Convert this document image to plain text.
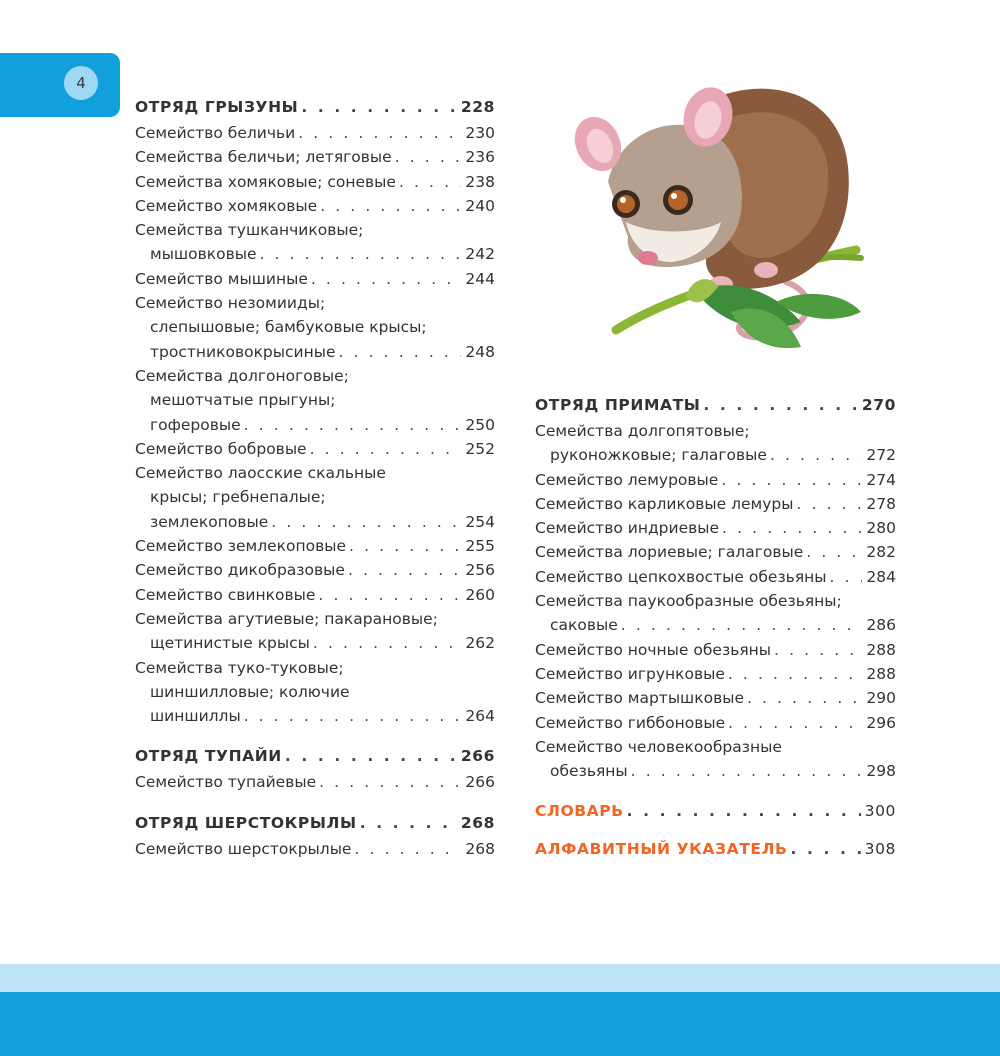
4
ОТРЯД ГРЫЗУНЫ . . .	228
Семейство беличьи . . .	230
Семейства беличьи; летяговые . . .	236
Семейства хомяковые; соневые . . .	238
Семейство хомяковые . . .	240
Семейства тушканчиковые;
мышовковые . . .	242
Семейство мышиные . . .	244
Семейство незомииды;
слепышовые; бамбуковые крысы;
тростниковокрысиные . . .	248
Семейства долгоноговые;
мешотчатые прыгуны;
гоферовые . . .	250
Семейство бобровые . . .	252
Семейство лаосские скальные
крысы; гребнепалые;
землекоповые . . .	254
Семейство землекоповые . . .	255
Семейство дикобразовые . . .	256
Семейство свинковые . . .	260
Семейства агутиевые; пакарановые;
щетинистые крысы . . .	262
Семейства туко-туковые;
шиншилловые; колючие
шиншиллы . . .	264
ОТРЯД ТУПАЙИ . . .	266
Семейство тупайевые . . .	266
ОТРЯД ШЕРСТОКРЫЛЫ . . .	268
Семейство шерстокрылые . . .	268
ОТРЯД ПРИМАТЫ . . .	270
Семейства долгопятовые;
руконожковые; галаговые . . .	272
Семейство лемуровые . . .	274
Семейство карликовые лемуры . . .	278
Семейство индриевые . . .	280
Семейства лориевые; галаговые . . .	282
Семейство цепкохвостые обезьяны . . .	284
Семейства паукообразные обезьяны;
саковые . . .	286
Семейство ночные обезьяны . . .	288
Семейство игрунковые . . .	288
Семейство мартышковые . . .	290
Семейство гиббоновые . . .	296
Семейство человекообразные
обезьяны . . .	298
СЛОВАРЬ . . .	300
АЛФАВИТНЫЙ УКАЗАТЕЛЬ . . .	308
